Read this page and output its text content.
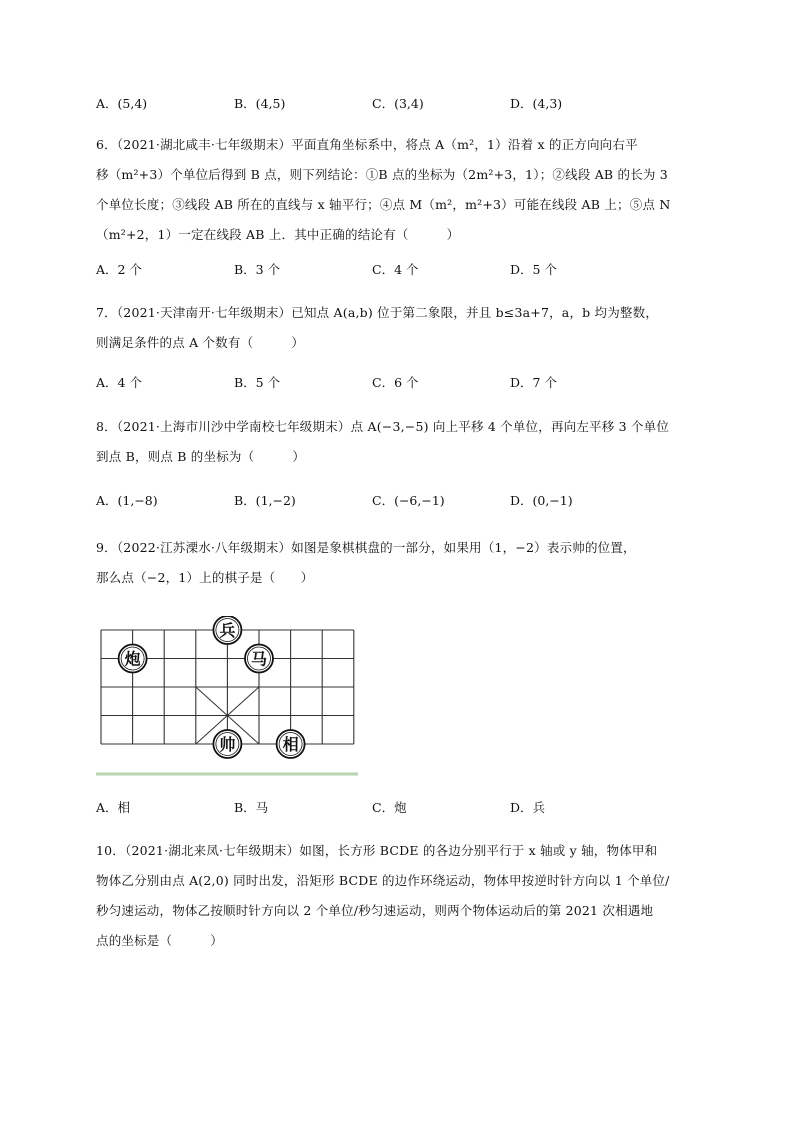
A．(5,4)	B．(4,5)	C．(3,4)	D．(4,3)
6．（2021·湖北咸丰·七年级期末）平面直角坐标系中，将点 A（m²，1）沿着 x 的正方向向右平
移（m²+3）个单位后得到 B 点，则下列结论：①B 点的坐标为（2m²+3，1）；②线段 AB 的长为 3
个单位长度；③线段 AB 所在的直线与 x 轴平行；④点 M（m²，m²+3）可能在线段 AB 上；⑤点 N
（m²+2，1）一定在线段 AB 上．其中正确的结论有（　　　）
A．2 个	B．3 个	C．4 个	D．5 个
7．（2021·天津南开·七年级期末）已知点 A(a,b) 位于第二象限，并且 b≤3a+7，a，b 均为整数，
则满足条件的点 A 个数有（　　　）
A．4 个	B．5 个	C．6 个	D．7 个
8．（2021·上海市川沙中学南校七年级期末）点 A(−3,−5) 向上平移 4 个单位，再向左平移 3 个单位
到点 B，则点 B 的坐标为（　　　）
A．(1,−8)	B．(1,−2)	C．(−6,−1)	D．(0,−1)
9．（2022·江苏溧水·八年级期末）如图是象棋棋盘的一部分，如果用（1，−2）表示帅的位置，
那么点（−2，1）上的棋子是（　　）
兵
炮	马
帅	相
A．相	B．马	C．炮	D．兵
10．（2021·湖北来凤·七年级期末）如图，长方形 BCDE 的各边分别平行于 x 轴或 y 轴，物体甲和
物体乙分别由点 A(2,0) 同时出发，沿矩形 BCDE 的边作环绕运动，物体甲按逆时针方向以 1 个单位/
秒匀速运动，物体乙按顺时针方向以 2 个单位/秒匀速运动，则两个物体运动后的第 2021 次相遇地
点的坐标是（　　　）
